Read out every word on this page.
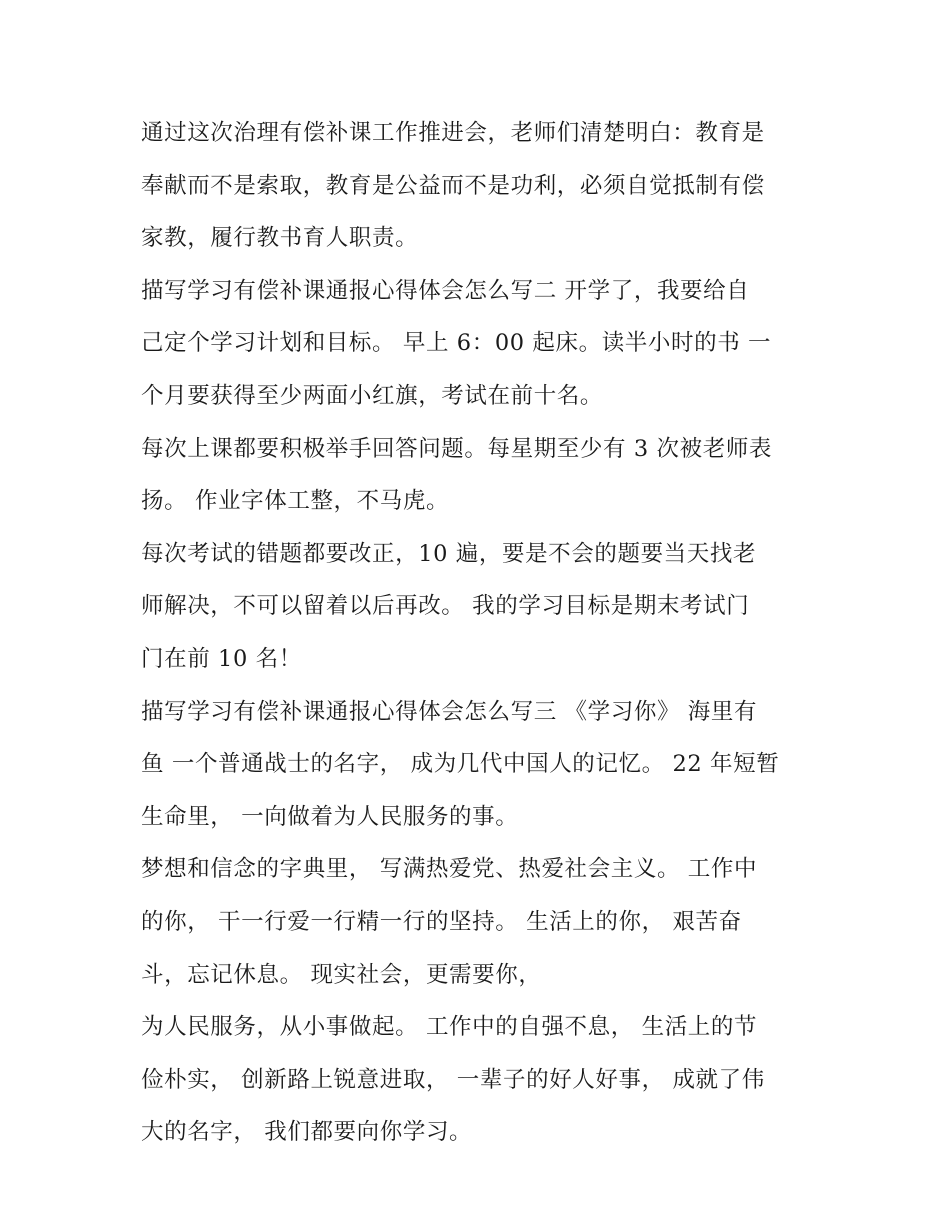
通过这次治理有偿补课工作推进会，老师们清楚明白：教育是
奉献而不是索取，教育是公益而不是功利，必须自觉抵制有偿
家教，履行教书育人职责。
描写学习有偿补课通报心得体会怎么写二 开学了，我要给自
己定个学习计划和目标。 早上 6：00 起床。读半小时的书 一
个月要获得至少两面小红旗，考试在前十名。
每次上课都要积极举手回答问题。每星期至少有 3 次被老师表
扬。 作业字体工整，不马虎。
每次考试的错题都要改正，10 遍，要是不会的题要当天找老
师解决，不可以留着以后再改。 我的学习目标是期末考试门
门在前 10 名！
描写学习有偿补课通报心得体会怎么写三 《学习你》 海里有
鱼 一个普通战士的名字， 成为几代中国人的记忆。 22 年短暂
生命里， 一向做着为人民服务的事。
梦想和信念的字典里， 写满热爱党、热爱社会主义。 工作中
的你， 干一行爱一行精一行的坚持。 生活上的你， 艰苦奋
斗，忘记休息。 现实社会，更需要你，
为人民服务，从小事做起。 工作中的自强不息， 生活上的节
俭朴实， 创新路上锐意进取， 一辈子的好人好事， 成就了伟
大的名字， 我们都要向你学习。
